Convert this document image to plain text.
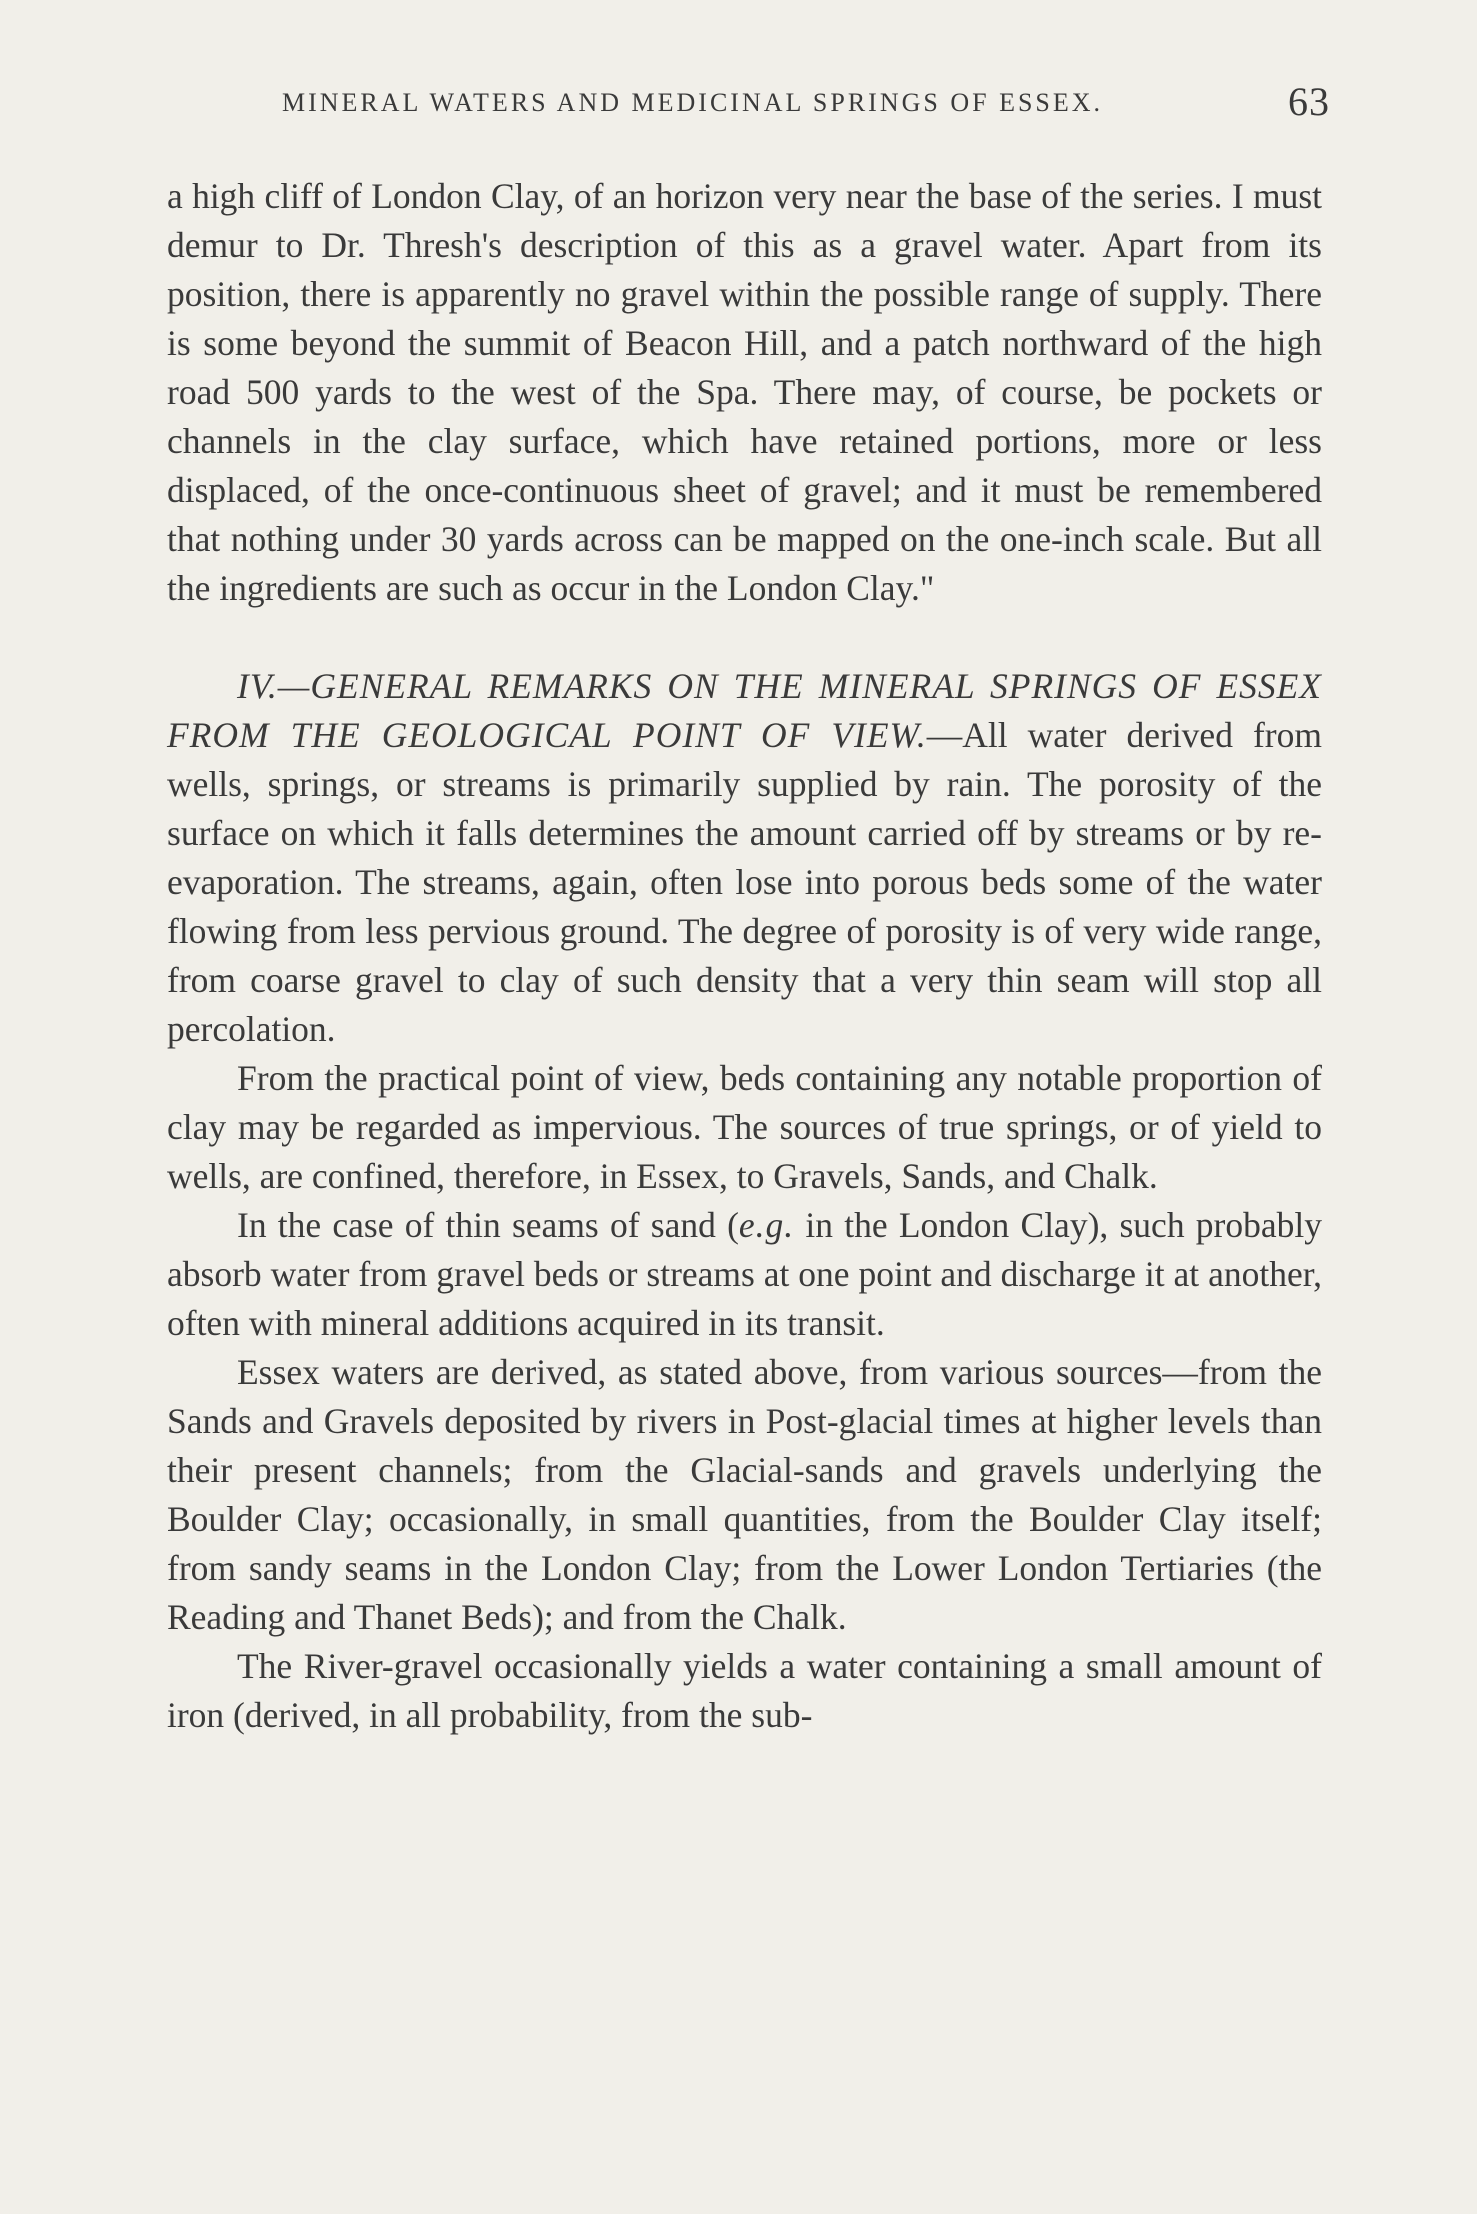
MINERAL WATERS AND MEDICINAL SPRINGS OF ESSEX.	63

a high cliff of London Clay, of an horizon very near the base of the series. I must demur to Dr. Thresh's description of this as a gravel water. Apart from its position, there is apparently no gravel within the possible range of supply. There is some beyond the summit of Beacon Hill, and a patch northward of the high road 500 yards to the west of the Spa. There may, of course, be pockets or channels in the clay surface, which have retained portions, more or less displaced, of the once-continuous sheet of gravel; and it must be remembered that nothing under 30 yards across can be mapped on the one-inch scale. But all the ingredients are such as occur in the London Clay."

IV.—GENERAL REMARKS ON THE MINERAL SPRINGS OF ESSEX FROM THE GEOLOGICAL POINT OF VIEW.—All water derived from wells, springs, or streams is primarily supplied by rain. The porosity of the surface on which it falls determines the amount carried off by streams or by re-evaporation. The streams, again, often lose into porous beds some of the water flowing from less pervious ground. The degree of porosity is of very wide range, from coarse gravel to clay of such density that a very thin seam will stop all percolation.

From the practical point of view, beds containing any notable proportion of clay may be regarded as impervious. The sources of true springs, or of yield to wells, are confined, therefore, in Essex, to Gravels, Sands, and Chalk.

In the case of thin seams of sand (e.g. in the London Clay), such probably absorb water from gravel beds or streams at one point and discharge it at another, often with mineral additions acquired in its transit.

Essex waters are derived, as stated above, from various sources—from the Sands and Gravels deposited by rivers in Post-glacial times at higher levels than their present channels; from the Glacial-sands and gravels underlying the Boulder Clay; occasionally, in small quantities, from the Boulder Clay itself; from sandy seams in the London Clay; from the Lower London Tertiaries (the Reading and Thanet Beds); and from the Chalk.

The River-gravel occasionally yields a water containing a small amount of iron (derived, in all probability, from the sub-
